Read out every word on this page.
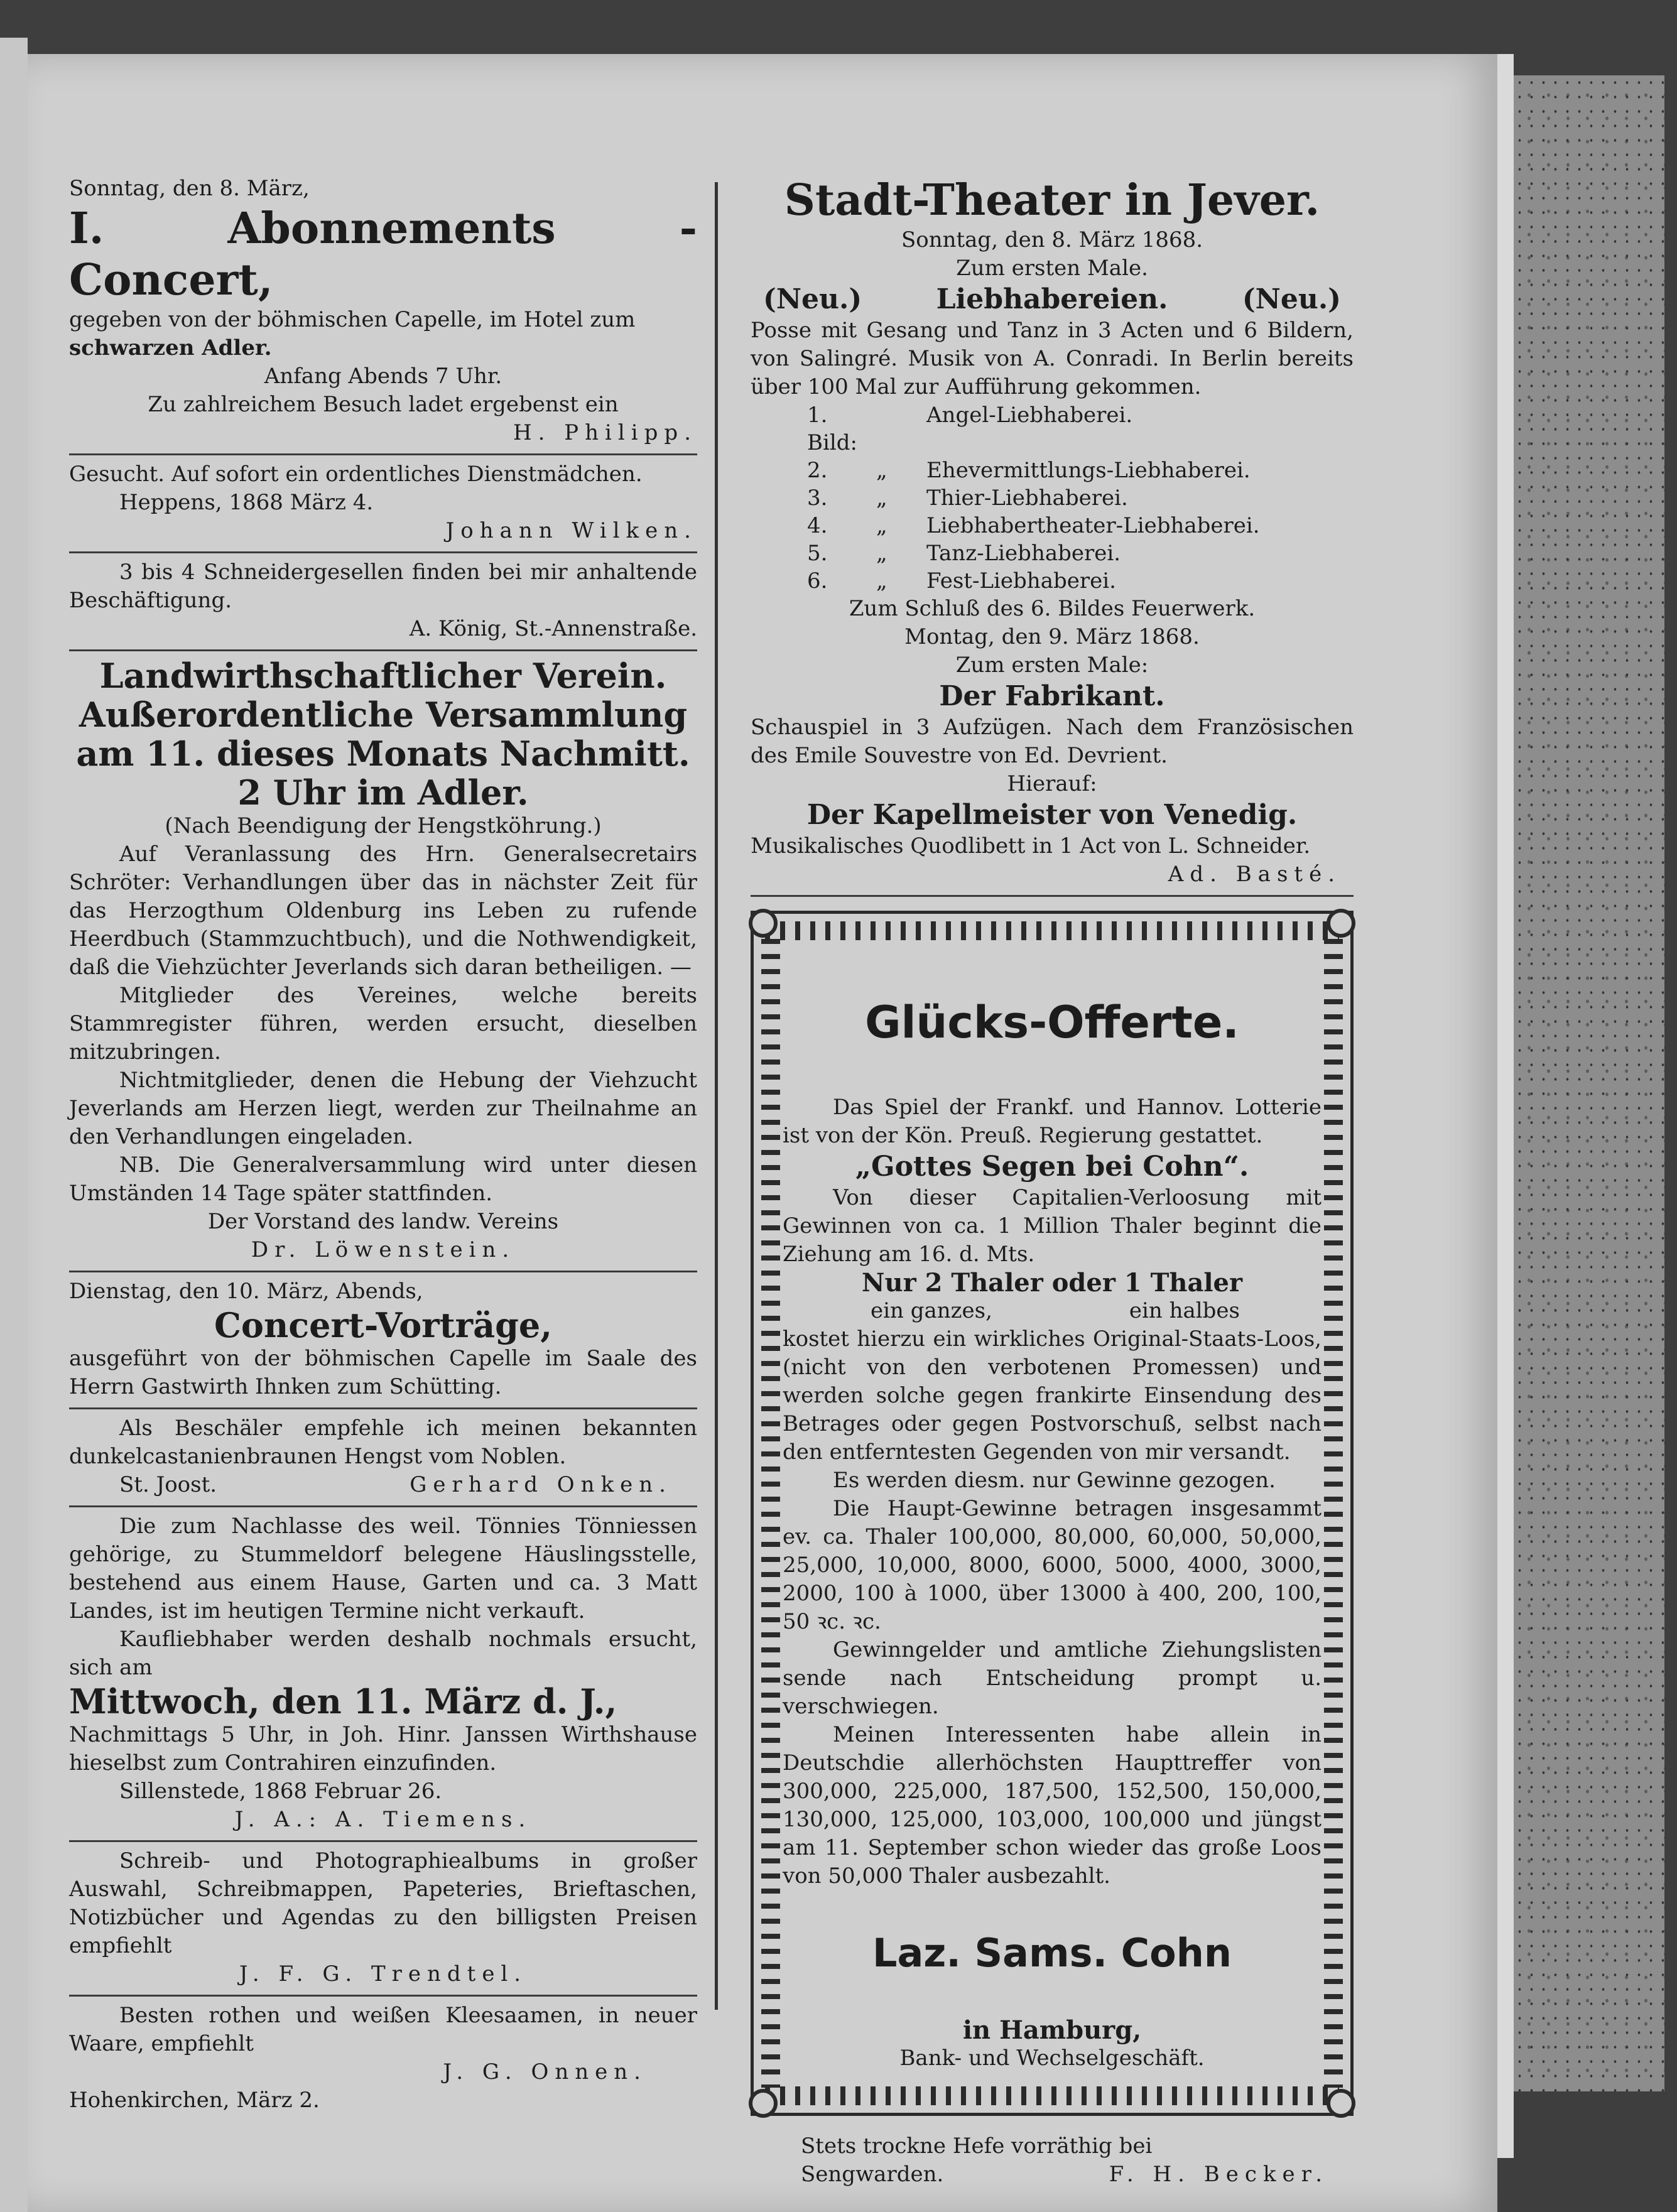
Sonntag, den 8. März,

I. Abonnements - Concert,

gegeben von der böhmischen Capelle, im Hotel zum

schwarzen Adler.

Anfang Abends 7 Uhr.

Zu zahlreichem Besuch ladet ergebenst ein

H. Philipp.

Gesucht. Auf sofort ein ordentliches Dienstmädchen.

Heppens, 1868 März 4.

Johann Wilken.

3 bis 4 Schneidergesellen finden bei mir anhaltende Beschäftigung.

A. König, St.-Annenstraße.

Landwirthschaftlicher Verein.

Außerordentliche Versammlung am 11. dieses Monats Nachmitt. 2 Uhr im Adler.

(Nach Beendigung der Hengstköhrung.)

Auf Veranlassung des Hrn. Generalsecretairs Schröter: Verhandlungen über das in nächster Zeit für das Herzogthum Oldenburg ins Leben zu rufende Heerdbuch (Stammzuchtbuch), und die Nothwendigkeit, daß die Viehzüchter Jeverlands sich daran betheiligen. —

Mitglieder des Vereines, welche bereits Stammregister führen, werden ersucht, dieselben mitzubringen.

Nichtmitglieder, denen die Hebung der Viehzucht Jeverlands am Herzen liegt, werden zur Theilnahme an den Verhandlungen eingeladen.

NB. Die Generalversammlung wird unter diesen Umständen 14 Tage später stattfinden.

Der Vorstand des landw. Vereins

Dr. Löwenstein.

Dienstag, den 10. März, Abends,

Concert-Vorträge,

ausgeführt von der böhmischen Capelle im Saale des Herrn Gastwirth Ihnken zum Schütting.

Als Beschäler empfehle ich meinen bekannten dunkelcastanienbraunen Hengst vom Noblen.

St. Joost.	Gerhard Onken.

Die zum Nachlasse des weil. Tönnies Tönniessen gehörige, zu Stummeldorf belegene Häuslingsstelle, bestehend aus einem Hause, Garten und ca. 3 Matt Landes, ist im heutigen Termine nicht verkauft.

Kaufliebhaber werden deshalb nochmals ersucht, sich am

Mittwoch, den 11. März d. J.,

Nachmittags 5 Uhr, in Joh. Hinr. Janssen Wirthshause hieselbst zum Contrahiren einzufinden.

Sillenstede, 1868 Februar 26.

J. A.: A. Tiemens.

Schreib- und Photographiealbums in großer Auswahl, Schreibmappen, Papeteries, Brieftaschen, Notizbücher und Agendas zu den billigsten Preisen empfiehlt

J. F. G. Trendtel.

Besten rothen und weißen Kleesaamen, in neuer Waare, empfiehlt

J. G. Onnen.

Hohenkirchen, März 2.

Stadt-Theater in Jever.

Sonntag, den 8. März 1868.

Zum ersten Male.

(Neu.)	Liebhabereien.	(Neu.)

Posse mit Gesang und Tanz in 3 Acten und 6 Bildern, von Salingré. Musik von A. Conradi. In Berlin bereits über 100 Mal zur Aufführung gekommen.

1. Bild:
Angel-Liebhaberei.
2.	„	Ehevermittlungs-Liebhaberei.
3.	„	Thier-Liebhaberei.
4.	„	Liebhabertheater-Liebhaberei.
5.	„	Tanz-Liebhaberei.
6.	„	Fest-Liebhaberei.

Zum Schluß des 6. Bildes Feuerwerk.

Montag, den 9. März 1868.

Zum ersten Male:

Der Fabrikant.

Schauspiel in 3 Aufzügen. Nach dem Französischen des Emile Souvestre von Ed. Devrient.

Hierauf:

Der Kapellmeister von Venedig.

Musikalisches Quodlibett in 1 Act von L. Schneider.

Ad. Basté.

Glücks-Offerte.

Das Spiel der Frankf. und Hannov. Lotterie ist von der Kön. Preuß. Regierung gestattet.

„Gottes Segen bei Cohn“.

Von dieser Capitalien-Verloosung mit Gewinnen von ca. 1 Million Thaler beginnt die Ziehung am 16. d. Mts.

Nur 2 Thaler oder 1 Thaler

ein ganzes,	ein halbes

kostet hierzu ein wirkliches Original-Staats-Loos, (nicht von den verbotenen Promessen) und werden solche gegen frankirte Einsendung des Betrages oder gegen Postvorschuß, selbst nach den entferntesten Gegenden von mir versandt.

Es werden diesm. nur Gewinne gezogen.

Die Haupt-Gewinne betragen insgesammt ev. ca. Thaler 100,000, 80,000, 60,000, 50,000, 25,000, 10,000, 8000, 6000, 5000, 4000, 3000, 2000, 100 à 1000, über 13000 à 400, 200, 100, 50 ꝛc. ꝛc.

Gewinngelder und amtliche Ziehungslisten sende nach Entscheidung prompt u. verschwiegen.

Meinen Interessenten habe allein in Deutschdie allerhöchsten Haupttreffer von 300,000, 225,000, 187,500, 152,500, 150,000, 130,000, 125,000, 103,000, 100,000 und jüngst am 11. September schon wieder das große Loos von 50,000 Thaler ausbezahlt.

Laz. Sams. Cohn

in Hamburg,

Bank- und Wechselgeschäft.

Stets trockne Hefe vorräthig bei

Sengwarden.	F. H. Becker.
